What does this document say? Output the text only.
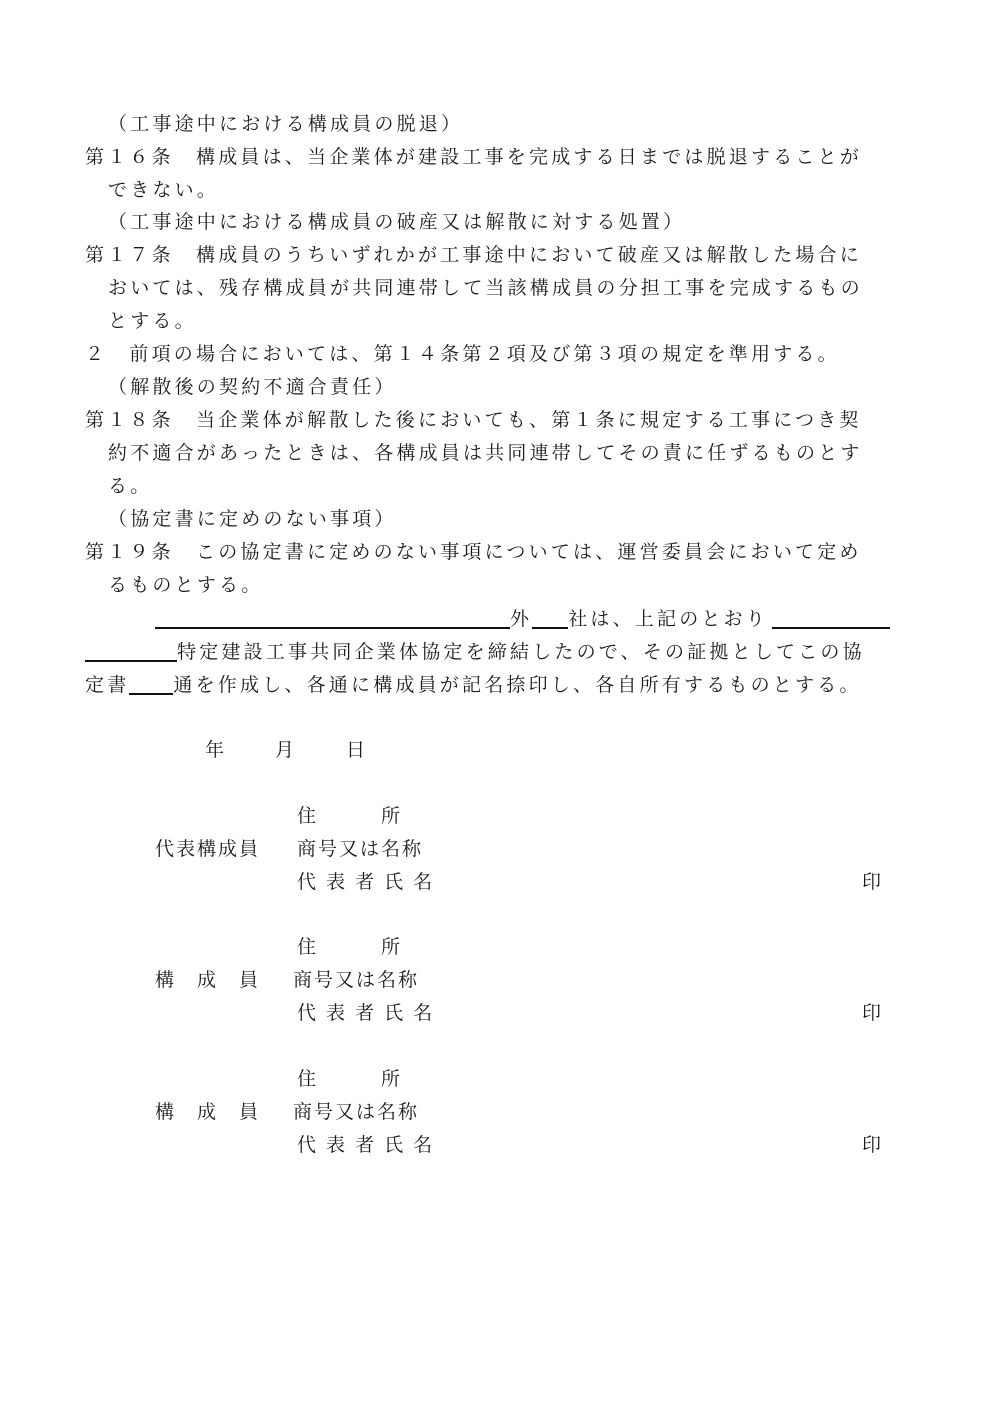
（工事途中における構成員の脱退）
第１６条　構成員は、当企業体が建設工事を完成する日までは脱退することが
できない。
（工事途中における構成員の破産又は解散に対する処置）
第１７条　構成員のうちいずれかが工事途中において破産又は解散した場合に
おいては、残存構成員が共同連帯して当該構成員の分担工事を完成するもの
とする。
２　前項の場合においては、第１４条第２項及び第３項の規定を準用する。
（解散後の契約不適合責任）
第１８条　当企業体が解散した後においても、第１条に規定する工事につき契
約不適合があったときは、各構成員は共同連帯してその責に任ずるものとす
る。
（協定書に定めのない事項）
第１９条　この協定書に定めのない事項については、運営委員会において定め
るものとする。
外 社は、上記のとおり
特定建設工事共同企業体協定を締結したので、その証拠としてこの協
定書 通を作成し、各通に構成員が記名捺印し、各自所有するものとする。
年	月	日
住　　　所
代表構成員 商号又は名称
代 表 者 氏 名	印
住　　　所
構　成　員 商号又は名称
代 表 者 氏 名	印
住　　　所
構　成　員 商号又は名称
代 表 者 氏 名	印
